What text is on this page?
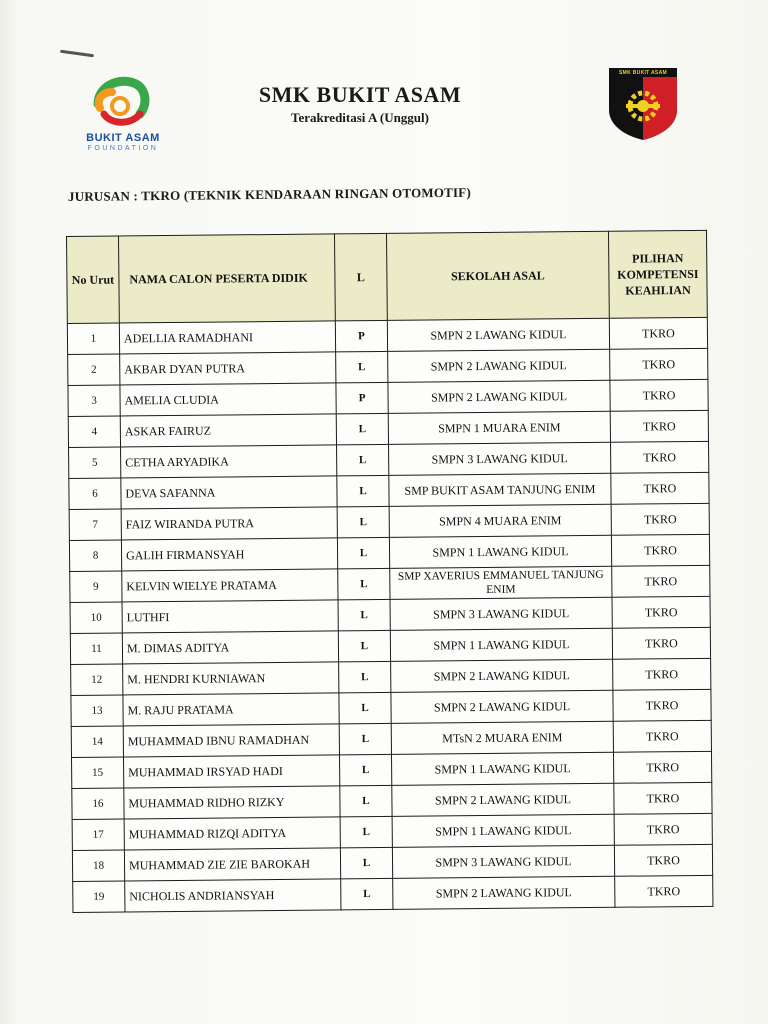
BUKIT ASAM
FOUNDATION
SMK BUKIT ASAM
Terakreditasi A (Unggul)
SMK BUKIT ASAM
JURUSAN : TKRO (TEKNIK KENDARAAN RINGAN OTOMOTIF)
No Urut	NAMA CALON PESERTA DIDIK	L	SEKOLAH ASAL	PILIHAN KOMPETENSI KEAHLIAN
1	ADELLIA RAMADHANI	P	SMPN 2 LAWANG KIDUL	TKRO
2	AKBAR DYAN PUTRA	L	SMPN 2 LAWANG KIDUL	TKRO
3	AMELIA CLUDIA	P	SMPN 2 LAWANG KIDUL	TKRO
4	ASKAR FAIRUZ	L	SMPN 1 MUARA ENIM	TKRO
5	CETHA ARYADIKA	L	SMPN 3 LAWANG KIDUL	TKRO
6	DEVA SAFANNA	L	SMP BUKIT ASAM TANJUNG ENIM	TKRO
7	FAIZ WIRANDA PUTRA	L	SMPN 4 MUARA ENIM	TKRO
8	GALIH FIRMANSYAH	L	SMPN 1 LAWANG KIDUL	TKRO
9	KELVIN WIELYE PRATAMA	L	SMP XAVERIUS EMMANUEL TANJUNG ENIM	TKRO
10	LUTHFI	L	SMPN 3 LAWANG KIDUL	TKRO
11	M. DIMAS ADITYA	L	SMPN 1 LAWANG KIDUL	TKRO
12	M. HENDRI KURNIAWAN	L	SMPN 2 LAWANG KIDUL	TKRO
13	M. RAJU PRATAMA	L	SMPN 2 LAWANG KIDUL	TKRO
14	MUHAMMAD IBNU RAMADHAN	L	MTsN 2 MUARA ENIM	TKRO
15	MUHAMMAD IRSYAD HADI	L	SMPN 1 LAWANG KIDUL	TKRO
16	MUHAMMAD RIDHO RIZKY	L	SMPN 2 LAWANG KIDUL	TKRO
17	MUHAMMAD RIZQI ADITYA	L	SMPN 1 LAWANG KIDUL	TKRO
18	MUHAMMAD ZIE ZIE BAROKAH	L	SMPN 3 LAWANG KIDUL	TKRO
19	NICHOLIS ANDRIANSYAH	L	SMPN 2 LAWANG KIDUL	TKRO
